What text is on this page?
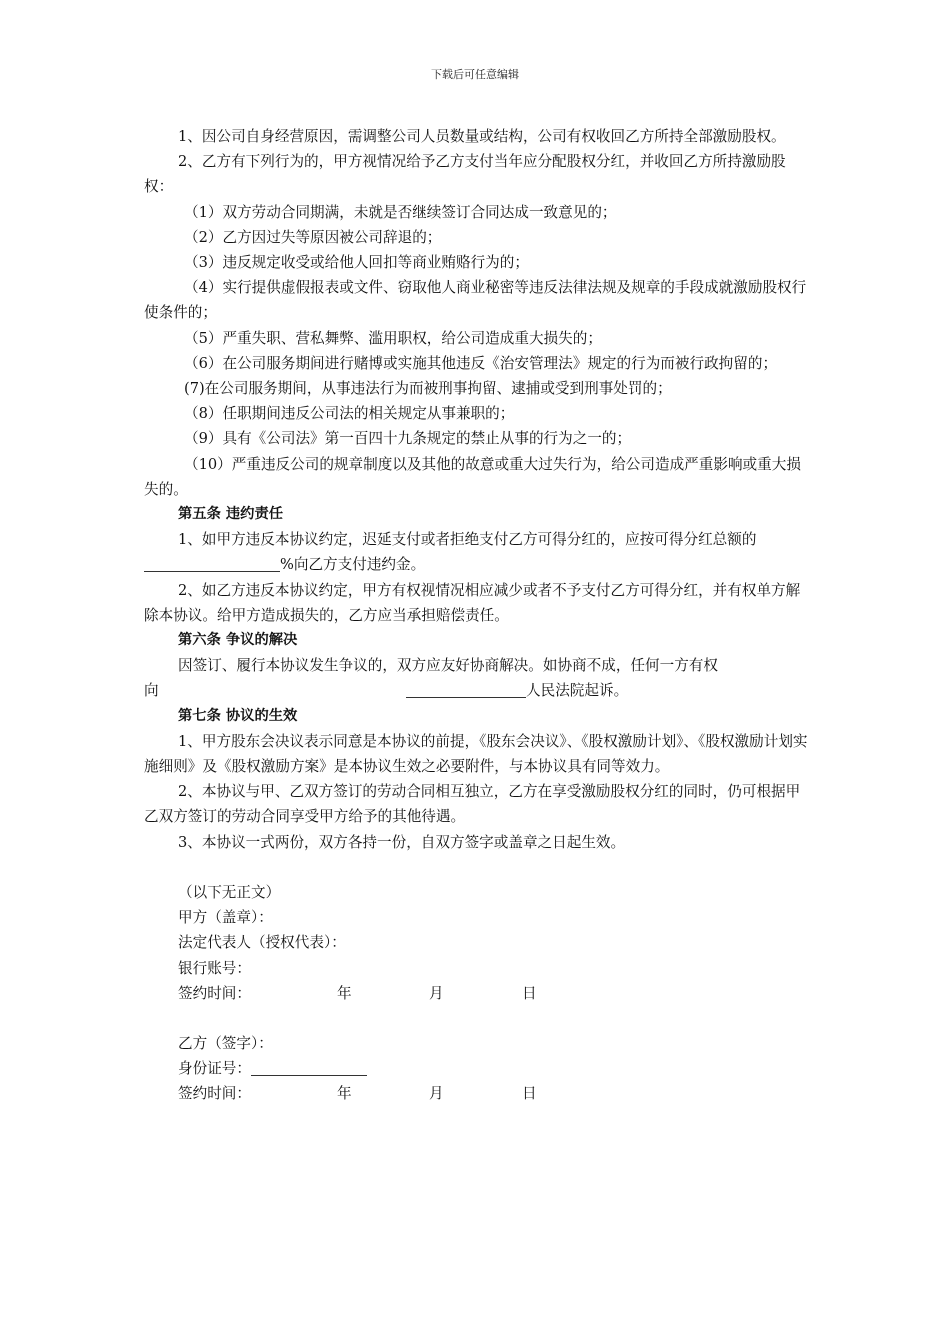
下载后可任意编辑

1、因公司自身经营原因，需调整公司人员数量或结构，公司有权收回乙方所持全部激励股权。

2、乙方有下列行为的，甲方视情况给予乙方支付当年应分配股权分红，并收回乙方所持激励股权：

（1）双方劳动合同期满，未就是否继续签订合同达成一致意见的；

（2）乙方因过失等原因被公司辞退的；

（3）违反规定收受或给他人回扣等商业贿赂行为的；

（4）实行提供虚假报表或文件、窃取他人商业秘密等违反法律法规及规章的手段成就激励股权行使条件的；

（5）严重失职、营私舞弊、滥用职权，给公司造成重大损失的；

（6）在公司服务期间进行赌博或实施其他违反《治安管理法》规定的行为而被行政拘留的；

(7)在公司服务期间，从事违法行为而被刑事拘留、逮捕或受到刑事处罚的；

（8）任职期间违反公司法的相关规定从事兼职的；

（9）具有《公司法》第一百四十九条规定的禁止从事的行为之一的；

（10）严重违反公司的规章制度以及其他的故意或重大过失行为，给公司造成严重影响或重大损失的。

第五条 违约责任

1、如甲方违反本协议约定，迟延支付或者拒绝支付乙方可得分红的，应按可得分红总额的%向乙方支付违约金。

2、如乙方违反本协议约定，甲方有权视情况相应减少或者不予支付乙方可得分红，并有权单方解除本协议。给甲方造成损失的，乙方应当承担赔偿责任。

第六条 争议的解决

因签订、履行本协议发生争议的，双方应友好协商解决。如协商不成，任何一方有权

向	人民法院起诉。

第七条 协议的生效

1、甲方股东会决议表示同意是本协议的前提，《股东会决议》、《股权激励计划》、《股权激励计划实施细则》及《股权激励方案》是本协议生效之必要附件，与本协议具有同等效力。

2、本协议与甲、乙双方签订的劳动合同相互独立，乙方在享受激励股权分红的同时，仍可根据甲乙双方签订的劳动合同享受甲方给予的其他待遇。

3、本协议一式两份，双方各持一份，自双方签字或盖章之日起生效。

（以下无正文）

甲方（盖章）：

法定代表人（授权代表）：

银行账号：

签约时间：	年	月	日

乙方（签字）：

身份证号：

签约时间：	年	月	日
